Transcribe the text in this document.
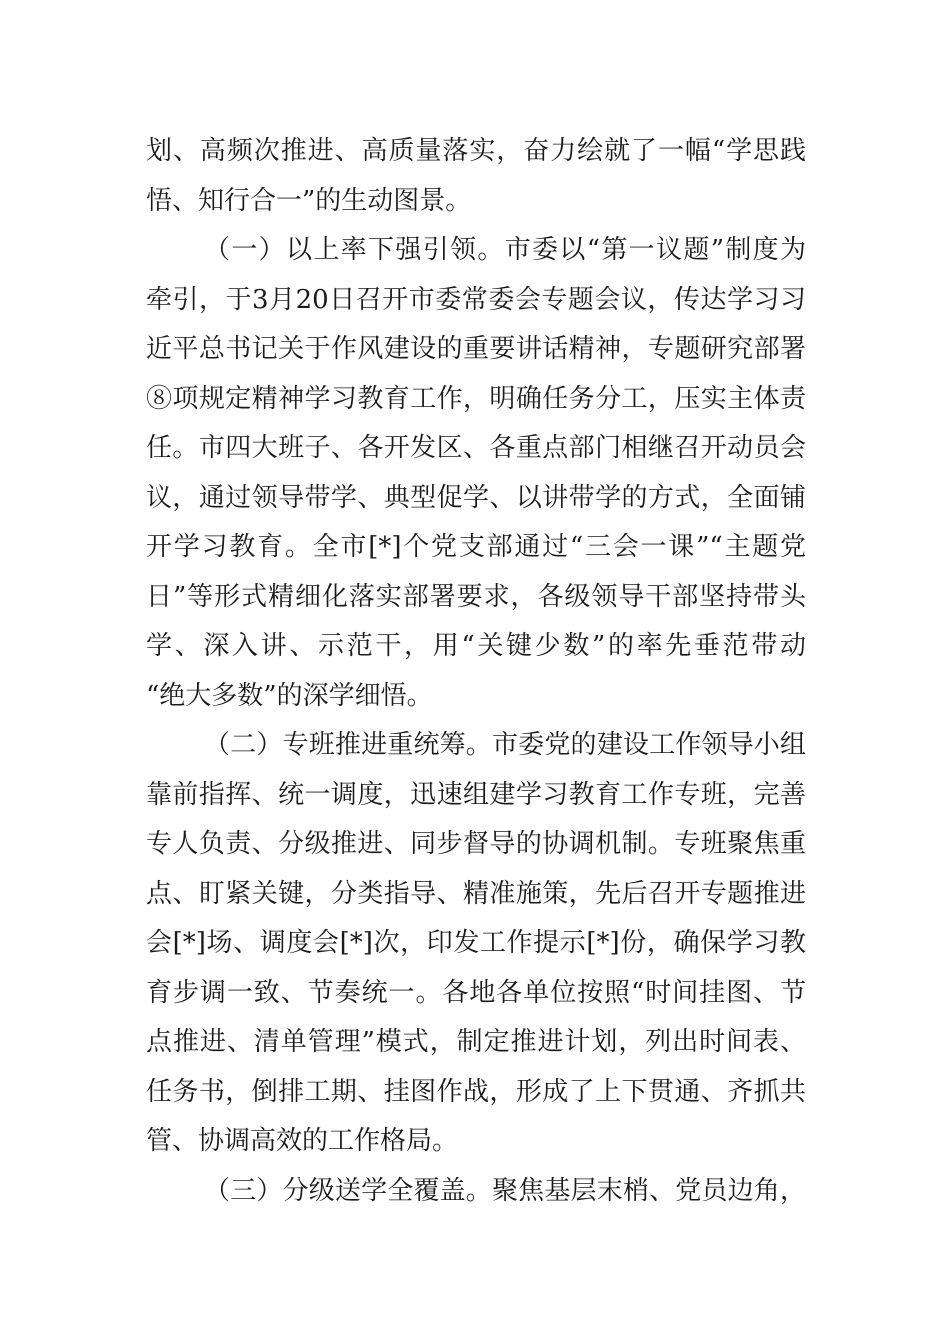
划、高频次推进、高质量落实，奋力绘就了一幅“学思践
悟、知行合一”的生动图景。
（一）以上率下强引领。市委以“第一议题”制度为
牵引，于3月20日召开市委常委会专题会议，传达学习习
近平总书记关于作风建设的重要讲话精神，专题研究部署
⑧项规定精神学习教育工作，明确任务分工，压实主体责
任。市四大班子、各开发区、各重点部门相继召开动员会
议，通过领导带学、典型促学、以讲带学的方式，全面铺
开学习教育。全市[*]个党支部通过“三会一课”“主题党
日”等形式精细化落实部署要求，各级领导干部坚持带头
学、深入讲、示范干，用“关键少数”的率先垂范带动
“绝大多数”的深学细悟。
（二）专班推进重统筹。市委党的建设工作领导小组
靠前指挥、统一调度，迅速组建学习教育工作专班，完善
专人负责、分级推进、同步督导的协调机制。专班聚焦重
点、盯紧关键，分类指导、精准施策，先后召开专题推进
会[*]场、调度会[*]次，印发工作提示[*]份，确保学习教
育步调一致、节奏统一。各地各单位按照“时间挂图、节
点推进、清单管理”模式，制定推进计划，列出时间表、
任务书，倒排工期、挂图作战，形成了上下贯通、齐抓共
管、协调高效的工作格局。
（三）分级送学全覆盖。聚焦基层末梢、党员边角，
